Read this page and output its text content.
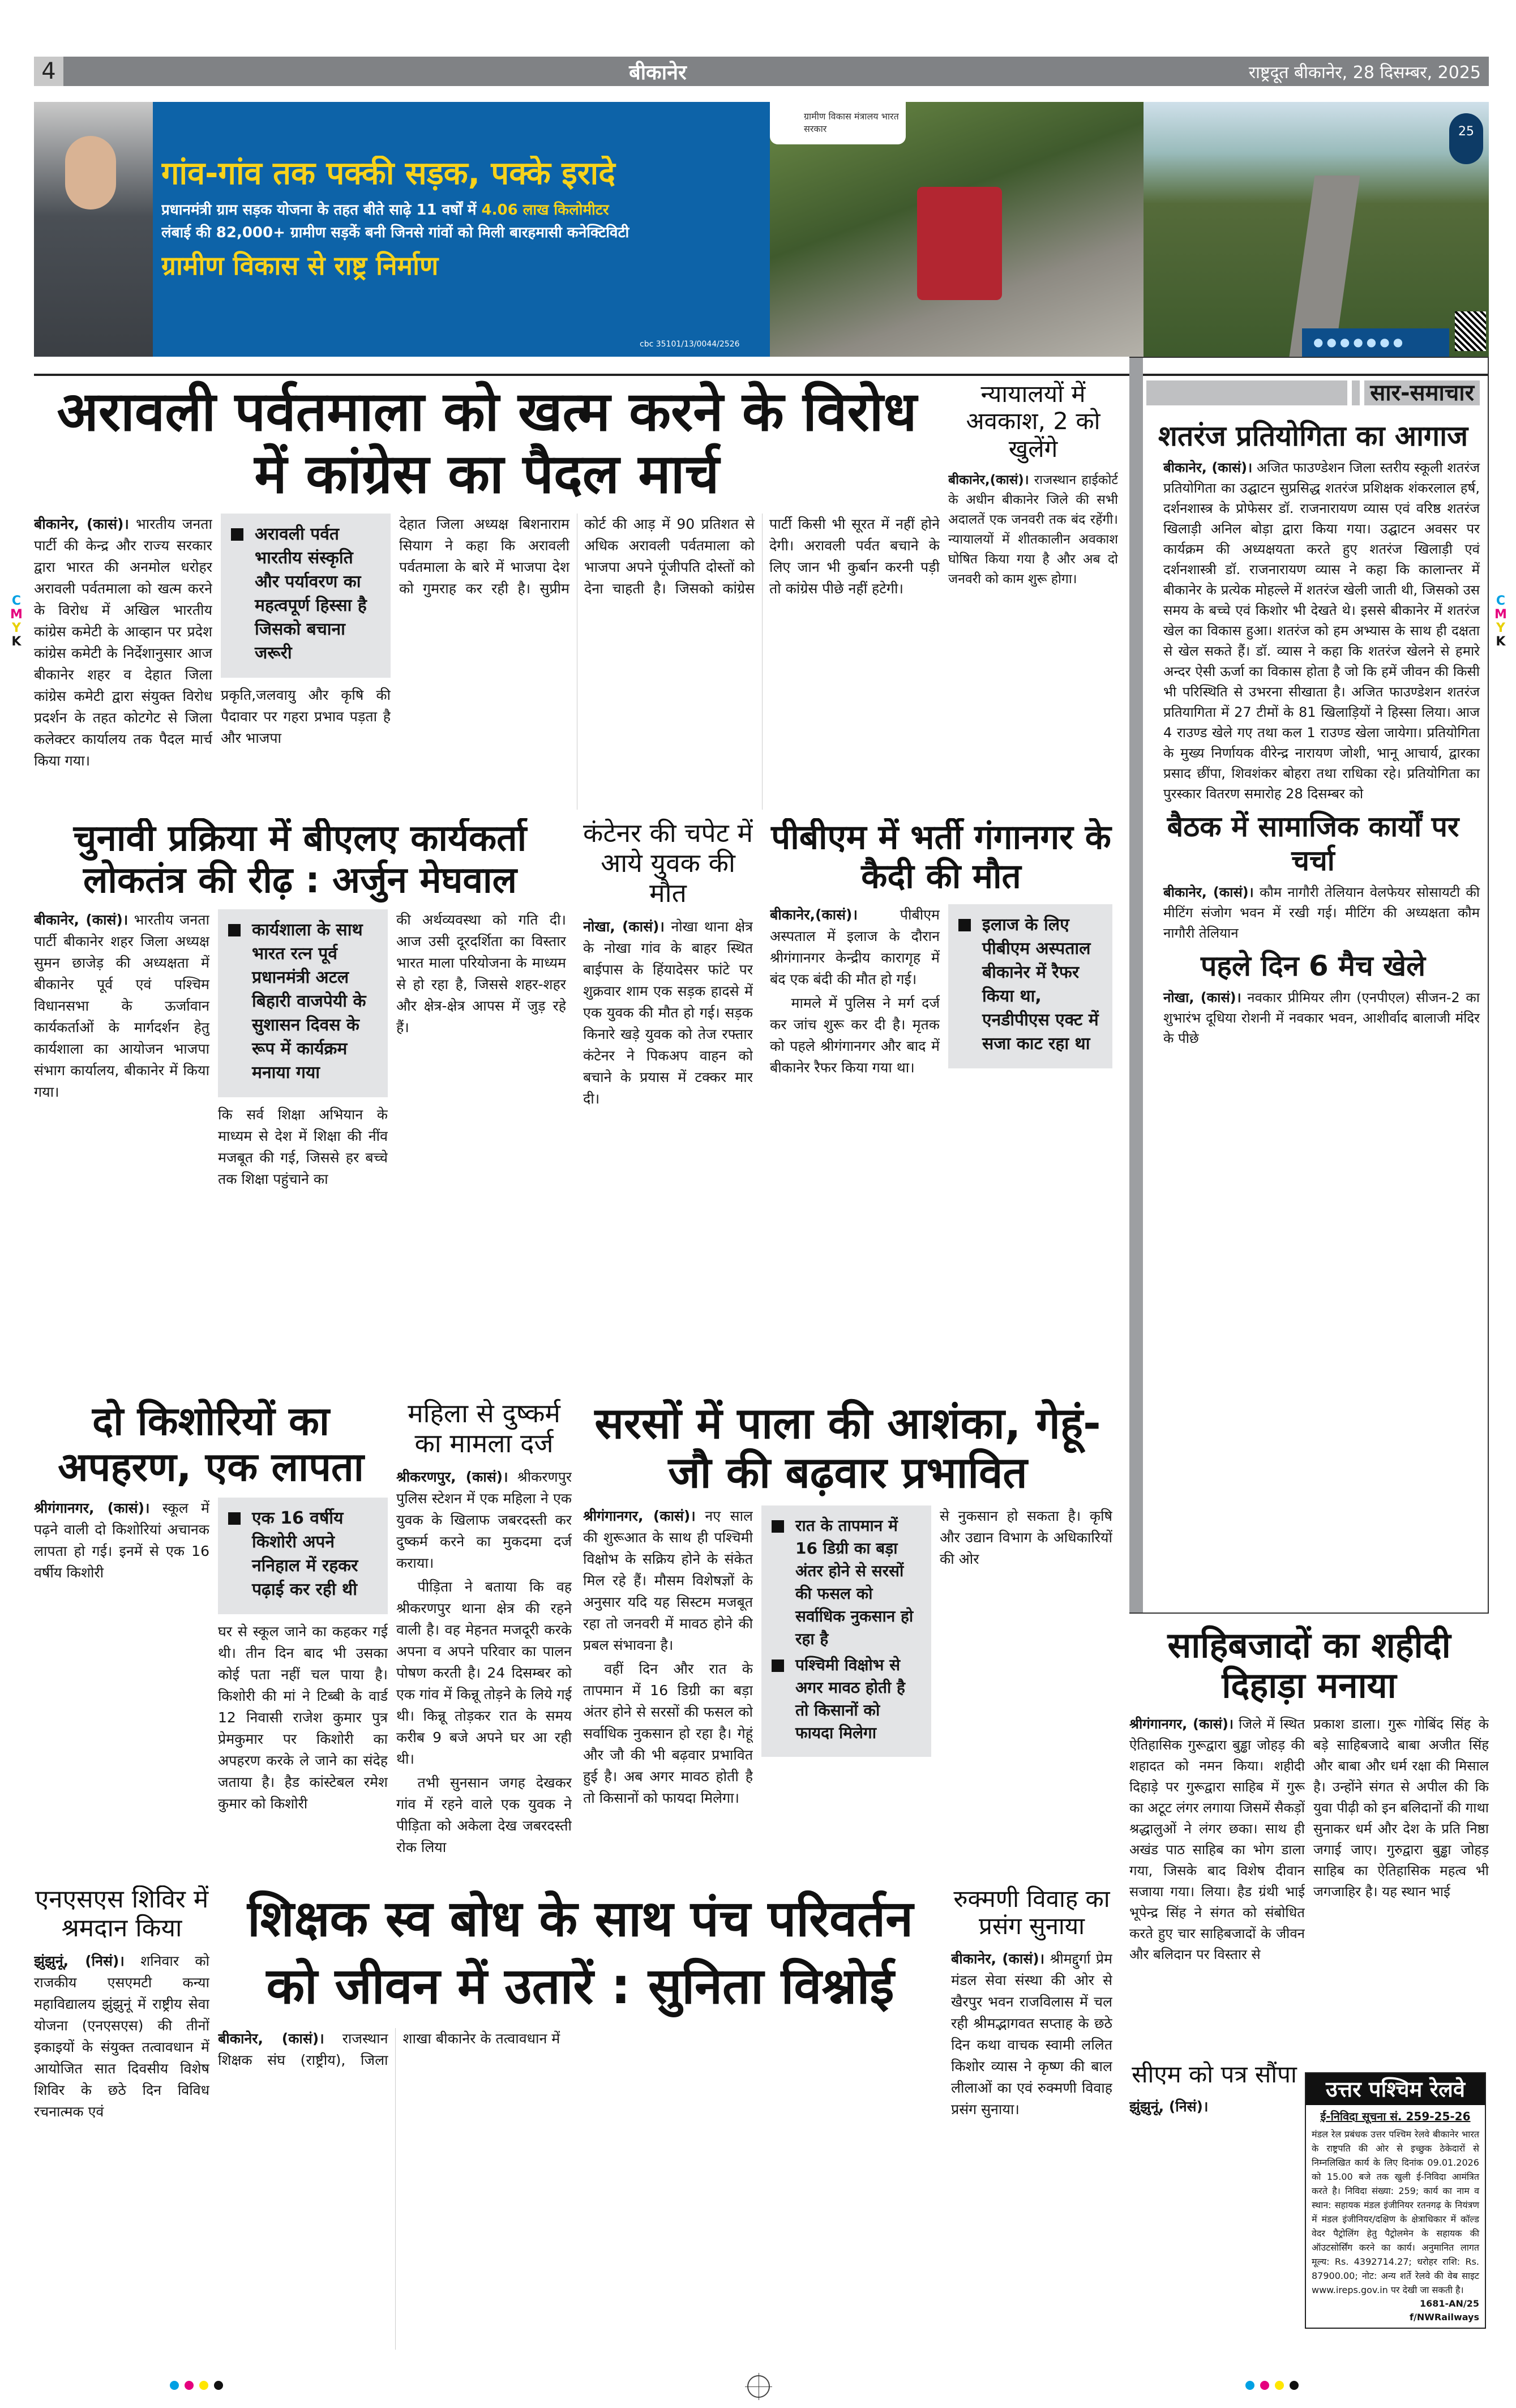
4	बीकानेर	राष्ट्रदूत बीकानेर, 28 दिसम्बर, 2025
गांव-गांव तक पक्की सड़क, पक्के इरादे
प्रधानमंत्री ग्राम सड़क योजना के तहत बीते साढ़े 11 वर्षों में 4.06 लाख किलोमीटर
लंबाई की 82,000+ ग्रामीण सड़कें बनी जिनसे गांवों को मिली बारहमासी कनेक्टिविटी
ग्रामीण विकास से राष्ट्र निर्माण
cbc 35101/13/0044/2526
ग्रामीण विकास मंत्रालय भारत सरकार	25
●●●●●●●
अरावली पर्वतमाला को खत्म करने के विरोध में कांग्रेस का पैदल मार्च

बीकानेर, (कासं)। भारतीय जनता पार्टी की केन्द्र और राज्य सरकार द्वारा भारत की अनमोल धरोहर अरावली पर्वतमाला को खत्म करने के विरोध में अखिल भारतीय कांग्रेस कमेटी के आव्हान पर प्रदेश कांग्रेस कमेटी के निर्देशानुसार आज बीकानेर शहर व देहात जिला कांग्रेस कमेटी द्वारा संयुक्त विरोध प्रदर्शन के तहत कोटगेट से जिला कलेक्टर कार्यालय तक पैदल मार्च किया गया।

अरावली पर्वत भारतीय संस्कृति और पर्यावरण का महत्वपूर्ण हिस्सा है जिसको बचाना जरूरी

प्रकृति,जलवायु और कृषि की पैदावार पर गहरा प्रभाव पड़ता है और भाजपा

देहात जिला अध्यक्ष बिशनाराम सियाग ने कहा कि अरावली पर्वतमाला के बारे में भाजपा देश को गुमराह कर रही है। सुप्रीम कोर्ट की आड़ में 90 प्रतिशत से अधिक अरावली पर्वतमाला को भाजपा अपने पूंजीपति दोस्तों को देना चाहती है। जिसको कांग्रेस पार्टी किसी भी सूरत में नहीं होने देगी। अरावली पर्वत बचाने के लिए जान भी कुर्बान करनी पड़ी तो कांग्रेस पीछे नहीं हटेगी।

न्यायालयों में अवकाश, 2 को खुलेंगे

बीकानेर,(कासं)। राजस्थान हाईकोर्ट के अधीन बीकानेर जिले की सभी अदालतें एक जनवरी तक बंद रहेंगी। न्यायालयों में शीतकालीन अवकाश घोषित किया गया है और अब दो जनवरी को काम शुरू होगा।

सार-समाचार
शतरंज प्रतियोगिता का आगाज
बीकानेर, (कासं)। अजित फाउण्डेशन जिला स्तरीय स्कूली शतरंज प्रतियोगिता का उद्घाटन सुप्रसिद्ध शतरंज प्रशिक्षक शंकरलाल हर्ष, दर्शनशास्त्र के प्रोफेसर डॉ. राजनारायण व्यास एवं वरिष्ठ शतरंज खिलाड़ी अनिल बोड़ा द्वारा किया गया। उद्घाटन अवसर पर कार्यक्रम की अध्यक्षयता करते हुए शतरंज खिलाड़ी एवं दर्शनशास्त्री डॉ. राजनारायण व्यास ने कहा कि कालान्तर में बीकानेर के प्रत्येक मोहल्ले में शतरंज खेली जाती थी, जिसको उस समय के बच्चे एवं किशोर भी देखते थे। इससे बीकानेर में शतरंज खेल का विकास हुआ। शतरंज को हम अभ्यास के साथ ही दक्षता से खेल सकते हैं। डॉ. व्यास ने कहा कि शतरंज खेलने से हमारे अन्दर ऐसी ऊर्जा का विकास होता है जो कि हमें जीवन की किसी भी परिस्थिति से उभरना सीखाता है। अजित फाउण्डेशन शतरंज प्रतियागिता में 27 टीमों के 81 खिलाड़ियों ने हिस्सा लिया। आज 4 राउण्ड खेले गए तथा कल 1 राउण्ड खेला जायेगा। प्रतियोगिता के मुख्य निर्णायक वीरेन्द्र नारायण जोशी, भानू आचार्य, द्वारका प्रसाद छींपा, शिवशंकर बोहरा तथा राधिका रहे। प्रतियोगिता का पुरस्कार वितरण समारोह 28 दिसम्बर को
बैठक में सामाजिक कार्यों पर चर्चा
बीकानेर, (कासं)। कौम नागौरी तेलियान वेलफेयर सोसायटी की मीटिंग संजोग भवन में रखी गई। मीटिंग की अध्यक्षता कौम नागौरी तेलियान
पहले दिन 6 मैच खेले
नोखा, (कासं)। नवकार प्रीमियर लीग (एनपीएल) सीजन-2 का शुभारंभ दूधिया रोशनी में नवकार भवन, आशीर्वाद बालाजी मंदिर के पीछे
साहिबजादों का शहीदी दिहाड़ा मनाया

श्रीगंगानगर, (कासं)। जिले में स्थित ऐतिहासिक गुरूद्वारा बुड्ढा जोहड़ की शहादत को नमन किया। शहीदी दिहाड़े पर गुरूद्वारा साहिब में गुरू का अटूट लंगर लगाया जिसमें सैकड़ों श्रद्धालुओं ने लंगर छका। साथ ही अखंड पाठ साहिब का भोग डाला गया, जिसके बाद विशेष दीवान सजाया गया। लिया। हैड ग्रंथी भाई भूपेन्द्र सिंह ने संगत को संबोधित करते हुए चार साहिबजादों के जीवन और बलिदान पर विस्तार से

प्रकाश डाला। गुरू गोबिंद सिंह के बड़े साहिबजादे बाबा अजीत सिंह और बाबा और धर्म रक्षा की मिसाल है। उन्होंने संगत से अपील की कि युवा पीढ़ी को इन बलिदानों की गाथा सुनाकर धर्म और देश के प्रति निष्ठा जगाई जाए। गुरुद्वारा बुड्ढा जोहड़ साहिब का ऐतिहासिक महत्व भी जगजाहिर है। यह स्थान भाई

सीएम को पत्र सौंपा

झुंझुनूं, (निसं)।

उत्तर पश्चिम रेलवे
ई-निविदा सूचना सं. 259-25-26
मंडल रेल प्रबंधक उत्तर पश्चिम रेलवे बीकानेर भारत के राष्ट्रपति की ओर से इच्छुक ठेकेदारों से निम्नलिखित कार्य के लिए दिनांक 09.01.2026 को 15.00 बजे तक खुली ई-निविदा आमंत्रित करते है। निविदा संख्या: 259; कार्य का नाम व स्थान: सहायक मंडल इंजीनियर रतनगढ़ के नियंत्रण में मंडल इंजीनियर/दक्षिण के क्षेत्राधिकार में कॉल्ड वेदर पैट्रोलिंग हेतु पैट्रोलमेन के सहायक की ऑउटसोर्सिंग करने का कार्य। अनुमानित लागत मूल्य: Rs. 4392714.27; धरोहर राशि: Rs. 87900.00; नोट: अन्य शर्ते रेलवे की वेब साइट www.ireps.gov.in पर देखी जा सकती है।
1681-AN/25
f/NWRailways
चुनावी प्रक्रिया में बीएलए कार्यकर्ता लोकतंत्र की रीढ़ : अर्जुन मेघवाल

बीकानेर, (कासं)। भारतीय जनता पार्टी बीकानेर शहर जिला अध्यक्ष सुमन छाजेड़ की अध्यक्षता में बीकानेर पूर्व एवं पश्चिम विधानसभा के ऊर्जावान कार्यकर्ताओं के मार्गदर्शन हेतु कार्यशाला का आयोजन भाजपा संभाग कार्यालय, बीकानेर में किया गया।

कार्यशाला के साथ भारत रत्न पूर्व प्रधानमंत्री अटल बिहारी वाजपेयी के सुशासन दिवस के रूप में कार्यक्रम मनाया गया

कि सर्व शिक्षा अभियान के माध्यम से देश में शिक्षा की नींव मजबूत की गई, जिससे हर बच्चे तक शिक्षा पहुंचाने का

की अर्थव्यवस्था को गति दी। आज उसी दूरदर्शिता का विस्तार भारत माला परियोजना के माध्यम से हो रहा है, जिससे शहर-शहर और क्षेत्र-क्षेत्र आपस में जुड़ रहे हैं।

कंटेनर की चपेट में आये युवक की मौत

नोखा, (कासं)। नोखा थाना क्षेत्र के नोखा गांव के बाहर स्थित बाईपास के हिंयादेसर फांटे पर शुक्रवार शाम एक सड़क हादसे में एक युवक की मौत हो गई। सड़क किनारे खड़े युवक को तेज रफ्तार कंटेनर ने पिकअप वाहन को बचाने के प्रयास में टक्कर मार दी।

पीबीएम में भर्ती गंगानगर के कैदी की मौत

बीकानेर,(कासं)।	पीबीएम अस्पताल में इलाज के दौरान श्रीगंगानगर केन्द्रीय कारागृह में बंद एक बंदी की मौत हो गई।

मामले में पुलिस ने मर्ग दर्ज कर जांच शुरू कर दी है। मृतक को पहले श्रीगंगानगर और बाद में बीकानेर रैफर किया गया था।

इलाज के लिए पीबीएम अस्पताल बीकानेर में रैफर किया था, एनडीपीएस एक्ट में सजा काट रहा था

दो किशोरियों का अपहरण, एक लापता

श्रीगंगानगर, (कासं)। स्कूल में पढ़ने वाली दो किशोरियां अचानक लापता हो गई। इनमें से एक 16 वर्षीय किशोरी

एक 16 वर्षीय किशोरी अपने ननिहाल में रहकर पढ़ाई कर रही थी

घर से स्कूल जाने का कहकर गई थी। तीन दिन बाद भी उसका कोई पता नहीं चल पाया है। किशोरी की मां ने टिब्बी के वार्ड 12 निवासी राजेश कुमार पुत्र प्रेमकुमार पर किशोरी का अपहरण करके ले जाने का संदेह जताया है। हैड कांस्टेबल रमेश कुमार को किशोरी

महिला से दुष्कर्म का मामला दर्ज

श्रीकरणपुर, (कासं)। श्रीकरणपुर पुलिस स्टेशन में एक महिला ने एक युवक के खिलाफ जबरदस्ती कर दुष्कर्म करने का मुकदमा दर्ज कराया।

पीड़िता ने बताया कि वह श्रीकरणपुर थाना क्षेत्र की रहने वाली है। वह मेहनत मजदूरी करके अपना व अपने परिवार का पालन पोषण करती है। 24 दिसम्बर को एक गांव में किन्नू तोड़ने के लिये गई थी। किन्नू तोड़कर रात के समय करीब 9 बजे अपने घर आ रही थी।

तभी सुनसान जगह देखकर गांव में रहने वाले एक युवक ने पीड़िता को अकेला देख जबरदस्ती रोक लिया

सरसों में पाला की आशंका, गेहूं-जौ की बढ़वार प्रभावित

श्रीगंगानगर, (कासं)। नए साल की शुरूआत के साथ ही पश्चिमी विक्षोभ के सक्रिय होने के संकेत मिल रहे हैं। मौसम विशेषज्ञों के अनुसार यदि यह सिस्टम मजबूत रहा तो जनवरी में मावठ होने की प्रबल संभावना है।

वहीं दिन और रात के तापमान में 16 डिग्री का बड़ा अंतर होने से सरसों की फसल को सर्वाधिक नुकसान हो रहा है। गेहूं और जौ की भी बढ़वार प्रभावित हुई है। अब अगर मावठ होती है तो किसानों को फायदा मिलेगा।

रात के तापमान में 16 डिग्री का बड़ा अंतर होने से सरसों की फसल को सर्वाधिक नुकसान हो रहा है

पश्चिमी विक्षोभ से अगर मावठ होती है तो किसानों को फायदा मिलेगा

से नुकसान हो सकता है। कृषि और उद्यान विभाग के अधिकारियों की ओर

एनएसएस शिविर में श्रमदान किया

झुंझुनूं, (निसं)। शनिवार को राजकीय एसएमटी कन्या महाविद्यालय झुंझुनूं में राष्ट्रीय सेवा योजना (एनएसएस) की तीनों इकाइयों के संयुक्त तत्वावधान में आयोजित सात दिवसीय विशेष शिविर के छठे दिन विविध रचनात्मक एवं

शिक्षक स्व बोध के साथ पंच परिवर्तन को जीवन में उतारें : सुनिता विश्नोई

बीकानेर, (कासं)। राजस्थान शिक्षक संघ (राष्ट्रीय), जिला शाखा बीकानेर के तत्वावधान में

रुक्मणी विवाह का प्रसंग सुनाया

बीकानेर, (कासं)। श्रीमद्दुर्गा प्रेम मंडल सेवा संस्था की ओर से खैरपुर भवन राजविलास में चल रही श्रीमद्भागवत सप्ताह के छठे दिन कथा वाचक स्वामी ललित किशोर व्यास ने कृष्ण की बाल लीलाओं का एवं रुक्मणी विवाह प्रसंग सुनाया।

C
M
Y
K
C
M
Y
K
